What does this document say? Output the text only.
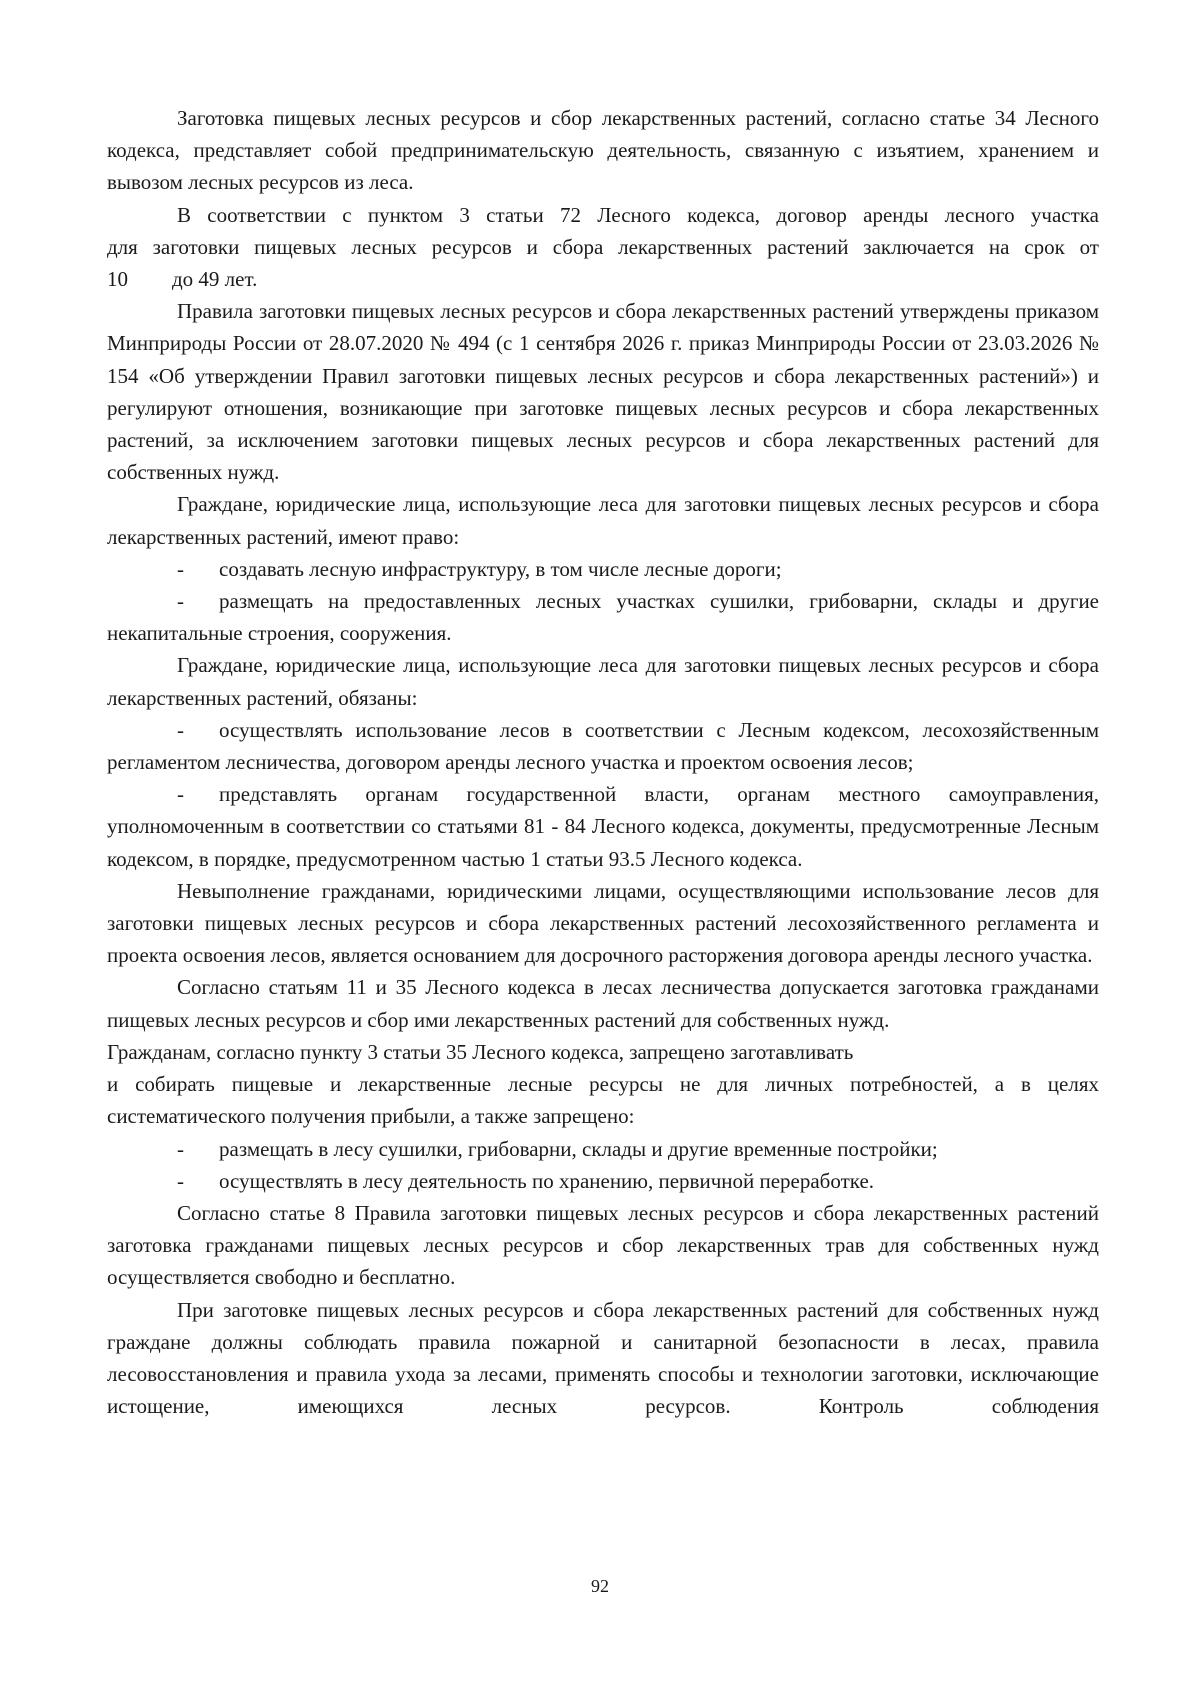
Заготовка пищевых лесных ресурсов и сбор лекарственных растений, согласно статье 34 Лесного кодекса, представляет собой предпринимательскую деятельность, связанную с изъятием, хранением и вывозом лесных ресурсов из леса.

В соответствии с пунктом 3 статьи 72 Лесного кодекса, договор аренды лесного участка

для заготовки пищевых лесных ресурсов и сбора лекарственных растений заключается на срок от

10 до 49 лет.

Правила заготовки пищевых лесных ресурсов и сбора лекарственных растений утверждены приказом Минприроды России от 28.07.2020 № 494 (с 1 сентября 2026 г. приказ Минприроды России от 23.03.2026 № 154 «Об утверждении Правил заготовки пищевых лесных ресурсов и сбора лекарственных растений») и регулируют отношения, возникающие при заготовке пищевых лесных ресурсов и сбора лекарственных растений, за исключением заготовки пищевых лесных ресурсов и сбора лекарственных растений для собственных нужд.

Граждане, юридические лица, использующие леса для заготовки пищевых лесных ресурсов и сбора лекарственных растений, имеют право:

- создавать лесную инфраструктуру, в том числе лесные дороги;

- размещать на предоставленных лесных участках сушилки, грибоварни, склады и другие некапитальные строения, сооружения.

Граждане, юридические лица, использующие леса для заготовки пищевых лесных ресурсов и сбора лекарственных растений, обязаны:

- осуществлять использование лесов в соответствии с Лесным кодексом, лесохозяйственным регламентом лесничества, договором аренды лесного участка и проектом освоения лесов;

- представлять органам государственной власти, органам местного самоуправления, уполномоченным в соответствии со статьями 81 - 84 Лесного кодекса, документы, предусмотренные Лесным кодексом, в порядке, предусмотренном частью 1 статьи 93.5 Лесного кодекса.

Невыполнение гражданами, юридическими лицами, осуществляющими использование лесов для заготовки пищевых лесных ресурсов и сбора лекарственных растений лесохозяйственного регламента и проекта освоения лесов, является основанием для досрочного расторжения договора аренды лесного участка.

Согласно статьям 11 и 35 Лесного кодекса в лесах лесничества допускается заготовка гражданами пищевых лесных ресурсов и сбор ими лекарственных растений для собственных нужд.

Гражданам, согласно пункту 3 статьи 35 Лесного кодекса, запрещено заготавливать

и собирать пищевые и лекарственные лесные ресурсы не для личных потребностей, а в целях систематического получения прибыли, а также запрещено:

- размещать в лесу сушилки, грибоварни, склады и другие временные постройки;

- осуществлять в лесу деятельность по хранению, первичной переработке.

Согласно статье 8 Правила заготовки пищевых лесных ресурсов и сбора лекарственных растений заготовка гражданами пищевых лесных ресурсов и сбор лекарственных трав для собственных нужд осуществляется свободно и бесплатно.

При заготовке пищевых лесных ресурсов и сбора лекарственных растений для собственных нужд граждане должны соблюдать правила пожарной и санитарной безопасности в лесах, правила лесовосстановления и правила ухода за лесами, применять способы и технологии заготовки, исключающие истощение, имеющихся лесных ресурсов. Контроль соблюдения

92
